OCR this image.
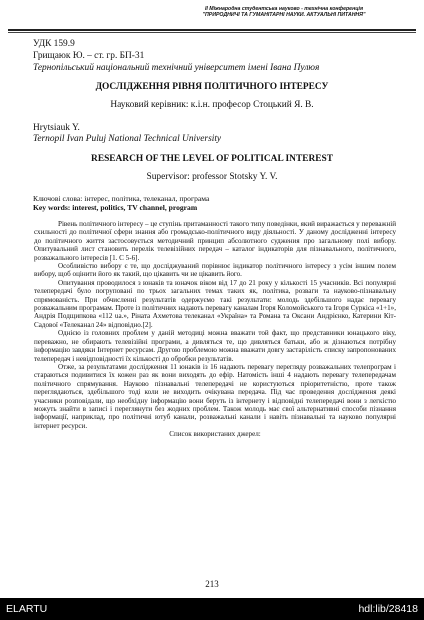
ІІ Міжнародна студентська науково - технічна конференція
"ПРИРОДНИЧІ ТА ГУМАНІТАРНІ НАУКИ. АКТУАЛЬНІ ПИТАННЯ"
УДК 159.9
Грищаюк Ю. – ст. гр. БП-31
Тернопільський національний технічний університет імені Івана Пулюя
ДОСЛІДЖЕННЯ РІВНЯ ПОЛІТИЧНОГО ІНТЕРЕСУ
Науковий керівник: к.і.н. професор Стоцький Я. В.
Hrytsiauk Y.
Ternopil Ivan Puluj National Technical University
RESEARCH OF THE LEVEL OF POLITICAL INTEREST
Supervisor: professor Stotsky Y. V.
Ключові слова: інтерес, політика, телеканал, програма
Key words: interest, politics, TV channel, program

Рівень політичного інтересу – це ступінь притаманності такого типу поведінки, який виражається у переважній схильності до політичної сфери знання або громадсько-політичного виду діяльності. У даному дослідженні інтересу до політичного життя застосовується методичний принцип абсолютного суджения про загальному полі вибору. Опитувальний лист становить перелік телевізійних передач – каталог індикаторів для пізнавального, політичного, розважального інтересів [1. С 5-6].

Особливістю вибору є те, що досліджуваний порівнює індикатор політичного інтересу з усім іншим полем вибору, щоб оцінити його як такий, що цікавить чи не цікавить його.

Опитування проводилося з юнаків та юначок віком від 17 до 21 року у кількості 15 учасників. Всі популярні телепередачі було погруповані по трьох загальних темах таких як, політика, розваги та науково-пізнавальну спрямованість. При обчисленні результатів одержуємо такі результати: молодь здебільшого надає перевагу розважальним програмам. Проте із політичних надають перевагу каналам Ігоря Коломойського та Ігоря Суркіса «1+1», Андрія Подщипкова «112 ua.», Ріната Ахметова телеканал «Україна» та Романа та Оксани Андрієнко, Катерини Кіт-Садової «Телеканал 24» відповідно.[2].

Однією із головних проблем у даній методиці можна вважати той факт, що представники юнацького віку, переважно, не обирають телевізійні програми, а дивляться те, що дивляться батьки, або ж дізнаються потрібну інформацію завдяки Інтернет ресурсам. Другою проблемою можна вважати довгу застарілість списку запропонованих телепередач і невідповідності їх кількості до обробки результатів.

Отже, за результатами дослідження 11 юнаків із 16 надають перевагу перегляду розважальних телепрограм і стараються подивитися їх кожен раз як вони виходять до ефір. Натомість інші 4 надають перевагу телепередачам політичного спрямування. Науково пізнавальні телепередачі не користуються пріоритетністю, проте також переглядаються, здебільшого тоді коли не виходить очікувана передача. Під час проведення дослідження деякі учасники розповідали, що необхідну інформацію вони беруть із інтернету і відповідні телепередачі вони з легкістю можуть знайти в записі і переглянути без жодних проблем. Також молодь має свої альтернативні способи пізнання інформації, наприклад, про політичні ютуб канали, розважальні канали і навіть пізнавальні та науково популярні інтернет ресурси.

Список використаних джерел:
213
ELARTU	hdl:lib/28418
